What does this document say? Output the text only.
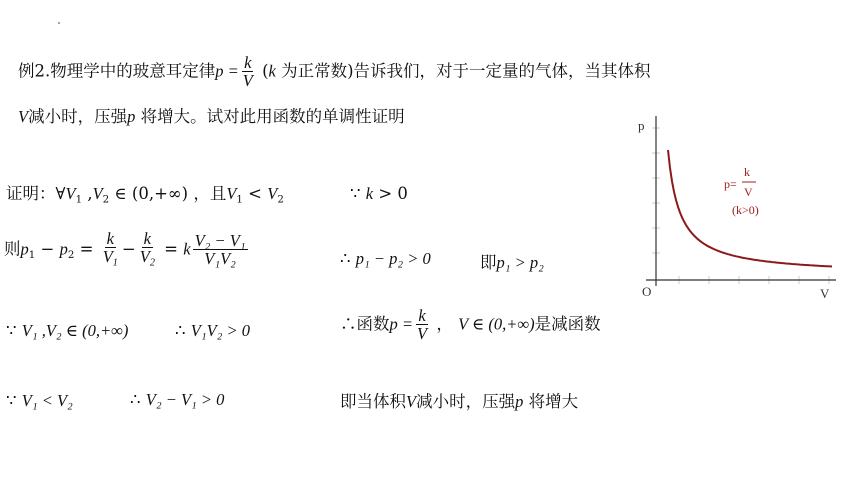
例2.物理学中的玻意耳定律$p = \frac{k}{V} (k$ 为正常数)告诉我们，对于一定量的气体，当其体积
V减小时，压强p 将增大。试对此用函数的单调性证明
证明：$\forall V_1$ $,V_2$ ∈ (0,+∞) ，且$V_1 < V_2$	∵ k > 0
则$p_1 - p_2 = \frac{k}{V_1} - \frac{k}{V_2} = k \frac{\text{V₂ − V₁}}{\text{V₁V₂}}$	∴ p₁ − p₂ > 0	即p₁ > p₂
∵ V₁ ,V₂ ∈ (0,+∞)	∴ V₁V₂ > 0	∴函数$p = \frac{k}{V}$ ， V ∈ (0,+∞)是减函数
∵ V₁ < V₂	∴ V₂ − V₁ > 0	即当体积V减小时，压强p 将增大
p
V
O
p=
k
V
(k>0)
